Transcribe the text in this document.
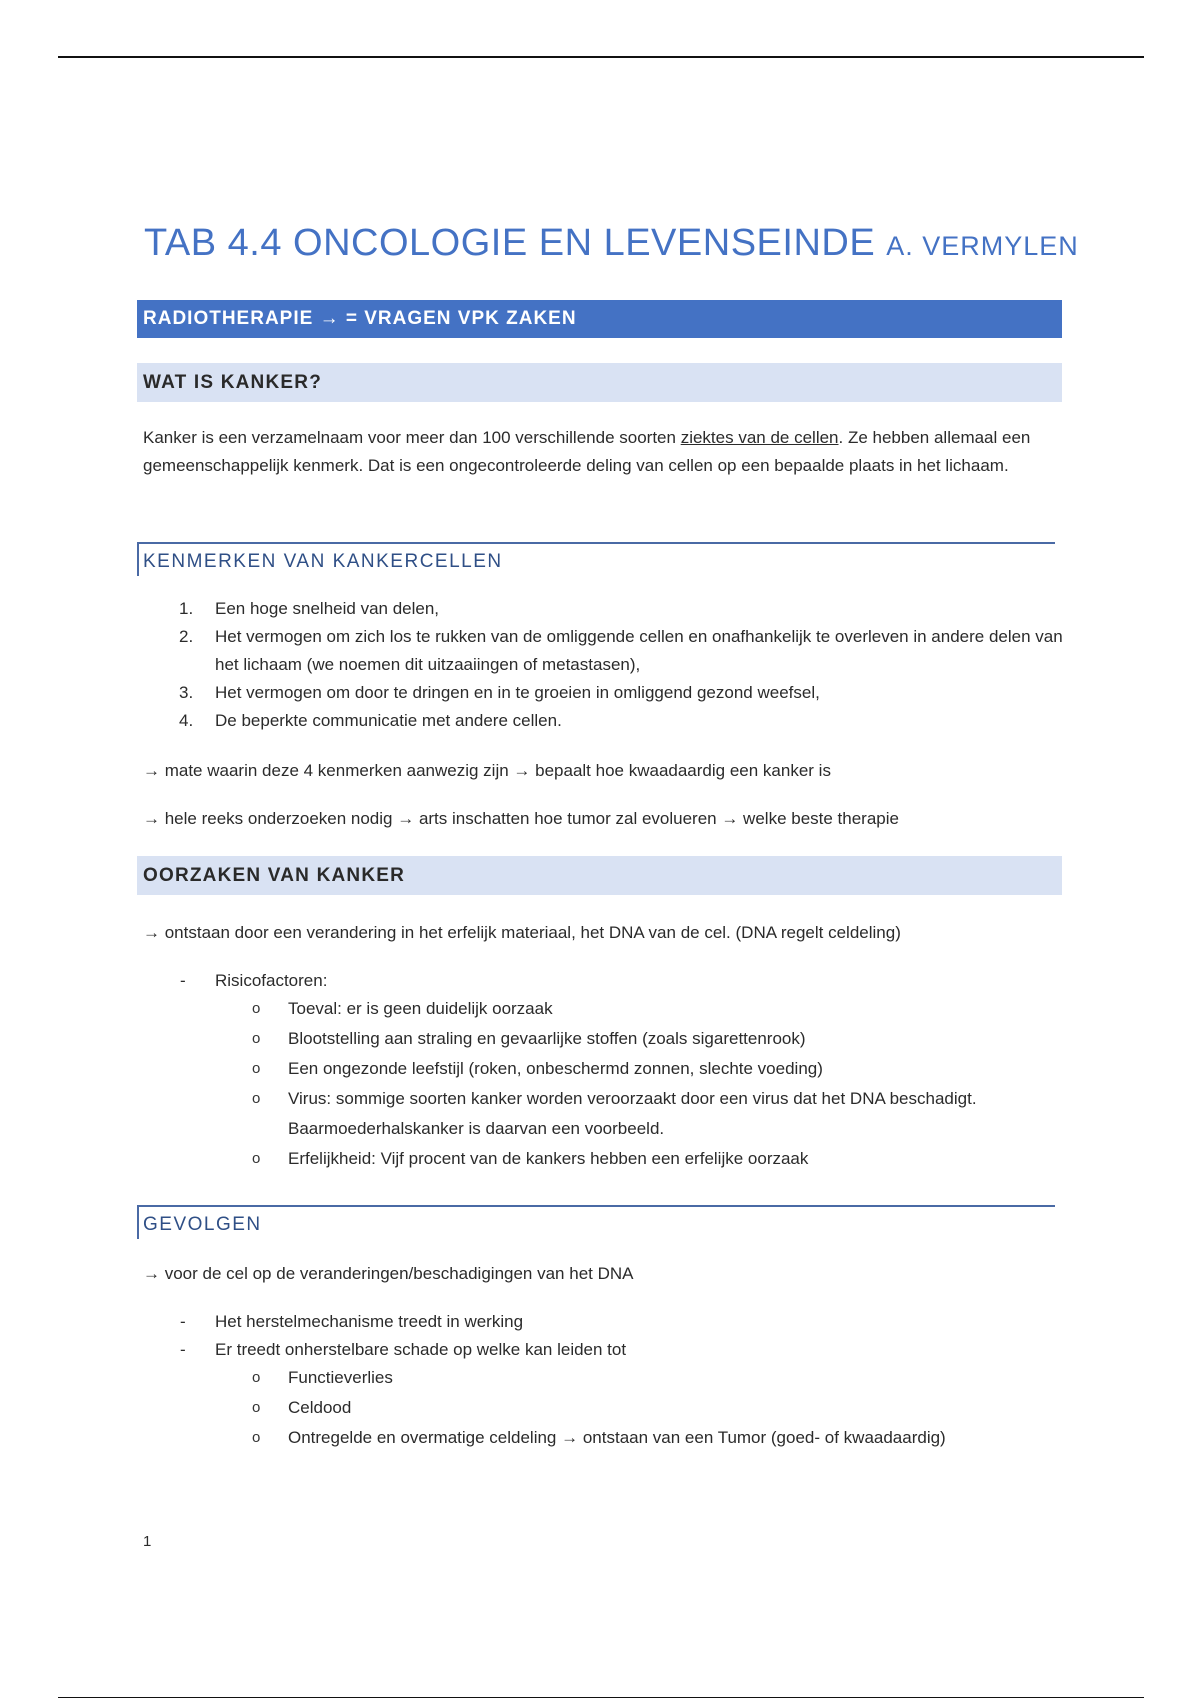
TAB 4.4 ONCOLOGIE EN LEVENSEINDE A. VERMYLEN
RADIOTHERAPIE → = VRAGEN VPK ZAKEN
WAT IS KANKER?
Kanker is een verzamelnaam voor meer dan 100 verschillende soorten ziektes van de cellen. Ze hebben allemaal een gemeenschappelijk kenmerk. Dat is een ongecontroleerde deling van cellen op een bepaalde plaats in het lichaam.
KENMERKEN VAN KANKERCELLEN
1. Een hoge snelheid van delen,
2. Het vermogen om zich los te rukken van de omliggende cellen en onafhankelijk te overleven in andere delen van het lichaam (we noemen dit uitzaaiingen of metastasen),
3. Het vermogen om door te dringen en in te groeien in omliggend gezond weefsel,
4. De beperkte communicatie met andere cellen.
→ mate waarin deze 4 kenmerken aanwezig zijn → bepaalt hoe kwaadaardig een kanker is
→ hele reeks onderzoeken nodig → arts inschatten hoe tumor zal evolueren → welke beste therapie
OORZAKEN VAN KANKER
→ ontstaan door een verandering in het erfelijk materiaal, het DNA van de cel. (DNA regelt celdeling)
- Risicofactoren:
o Toeval: er is geen duidelijk oorzaak
o Blootstelling aan straling en gevaarlijke stoffen (zoals sigarettenrook)
o Een ongezonde leefstijl (roken, onbeschermd zonnen, slechte voeding)
o Virus: sommige soorten kanker worden veroorzaakt door een virus dat het DNA beschadigt. Baarmoederhalskanker is daarvan een voorbeeld.
o Erfelijkheid: Vijf procent van de kankers hebben een erfelijke oorzaak
GEVOLGEN
→ voor de cel op de veranderingen/beschadigingen van het DNA
- Het herstelmechanisme treedt in werking
- Er treedt onherstelbare schade op welke kan leiden tot
o Functieverlies
o Celdood
o Ontregelde en overmatige celdeling → ontstaan van een Tumor (goed- of kwaadaardig)
1
